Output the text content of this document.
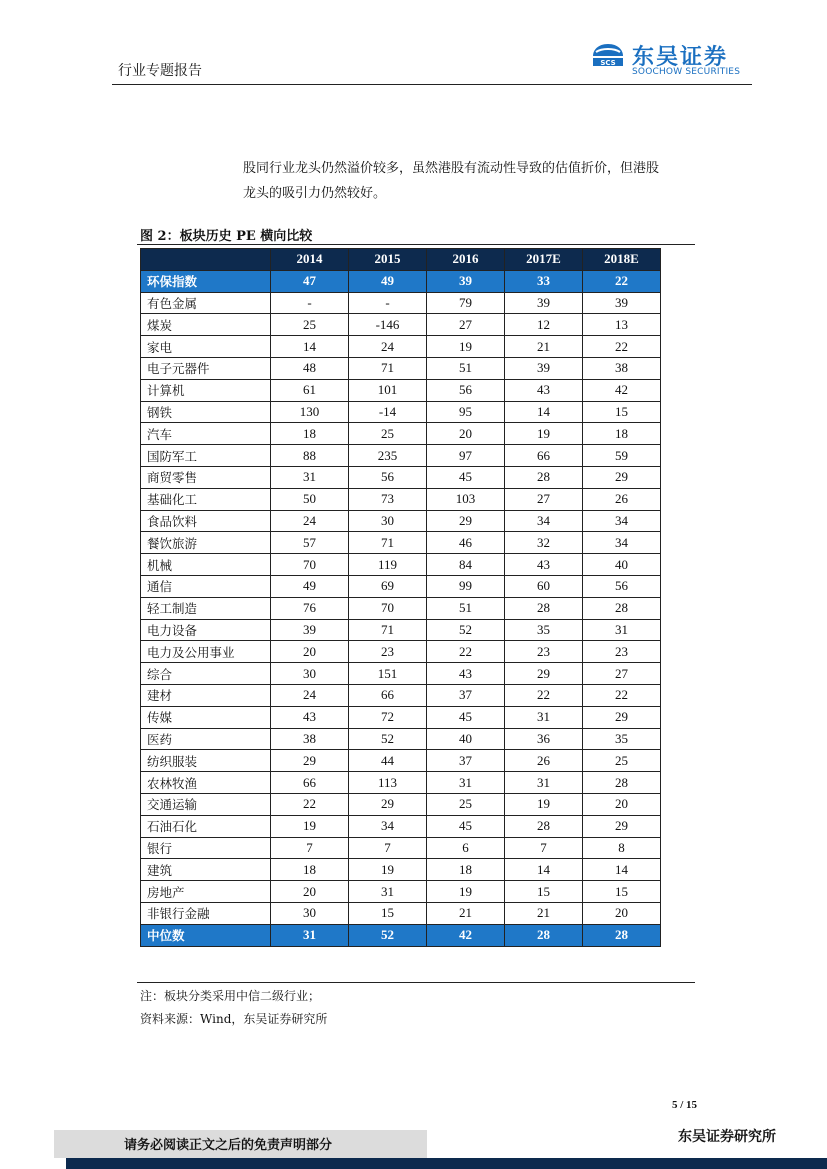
行业专题报告	SCS 东吴证券
SOOCHOW SECURITIES
股同行业龙头仍然溢价较多，虽然港股有流动性导致的估值折价，但港股
龙头的吸引力仍然较好。
图 2：板块历史 PE 横向比较
	2014	2015	2016	2017E	2018E
环保指数	47	49	39	33	22
有色金属	-	-	79	39	39
煤炭	25	-146	27	12	13
家电	14	24	19	21	22
电子元器件	48	71	51	39	38
计算机	61	101	56	43	42
钢铁	130	-14	95	14	15
汽车	18	25	20	19	18
国防军工	88	235	97	66	59
商贸零售	31	56	45	28	29
基础化工	50	73	103	27	26
食品饮料	24	30	29	34	34
餐饮旅游	57	71	46	32	34
机械	70	119	84	43	40
通信	49	69	99	60	56
轻工制造	76	70	51	28	28
电力设备	39	71	52	35	31
电力及公用事业	20	23	22	23	23
综合	30	151	43	29	27
建材	24	66	37	22	22
传媒	43	72	45	31	29
医药	38	52	40	36	35
纺织服装	29	44	37	26	25
农林牧渔	66	113	31	31	28
交通运输	22	29	25	19	20
石油石化	19	34	45	28	29
银行	7	7	6	7	8
建筑	18	19	18	14	14
房地产	20	31	19	15	15
非银行金融	30	15	21	21	20
中位数	31	52	42	28	28
注：板块分类采用中信二级行业；
资料来源：Wind，东吴证券研究所
5 / 15
请务必阅读正文之后的免责声明部分
东吴证券研究所
